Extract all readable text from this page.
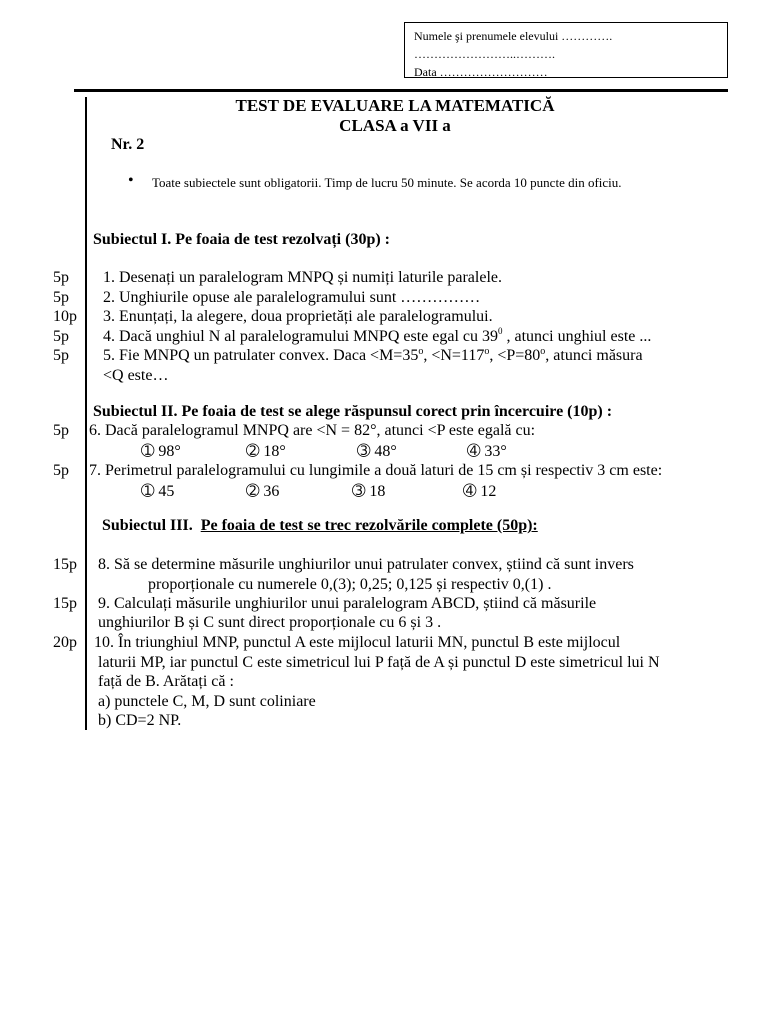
Numele şi prenumele elevului ………….
……………………..……….
Data ………………………
TEST DE EVALUARE LA MATEMATICĂ
CLASA a VII a
Nr. 2
• Toate subiectele sunt obligatorii. Timp de lucru 50 minute. Se acorda 10 puncte din oficiu.
Subiectul I. Pe foaia de test rezolvați (30p) :
5p 1. Desenați un paralelogram MNPQ și numiți laturile paralele.
5p 2. Unghiurile opuse ale paralelogramului sunt ……………
10p 3. Enunțați, la alegere, doua proprietăți ale paralelogramului.
5p 4. Dacă unghiul N al paralelogramului MNPQ este egal cu $39^0$ , atunci unghiul este ...
5p 5. Fie MNPQ un patrulater convex. Daca $<M=35^o$, $<N=117^o$, $<P=80^o$, atunci măsura
<Q este…
Subiectul II. Pe foaia de test se alege răspunsul corect prin încercuire (10p) :
5p 6. Dacă paralelogramul MNPQ are <N = 82°, atunci <P este egală cu:
➀ 98°	➁ 18°	➂ 48°	➃ 33°
5p 7. Perimetrul paralelogramului cu lungimile a două laturi de 15 cm și respectiv 3 cm este:
➀ 45	➁ 36	➂ 18	➃ 12
Subiectul III. Pe foaia de test se trec rezolvările complete (50p):
15p 8. Să se determine măsurile unghiurilor unui patrulater convex, știind că sunt invers
proporționale cu numerele 0,(3); 0,25; 0,125 și respectiv 0,(1) .
15p 9. Calculați măsurile unghiurilor unui paralelogram ABCD, știind că măsurile
unghiurilor B și C sunt direct proporționale cu 6 și 3 .
20p 10. În triunghiul MNP, punctul A este mijlocul laturii MN, punctul B este mijlocul
laturii MP, iar punctul C este simetricul lui P față de A și punctul D este simetricul lui N
față de B. Arătați că :
a) punctele C, M, D sunt coliniare
b) CD=2 NP.
